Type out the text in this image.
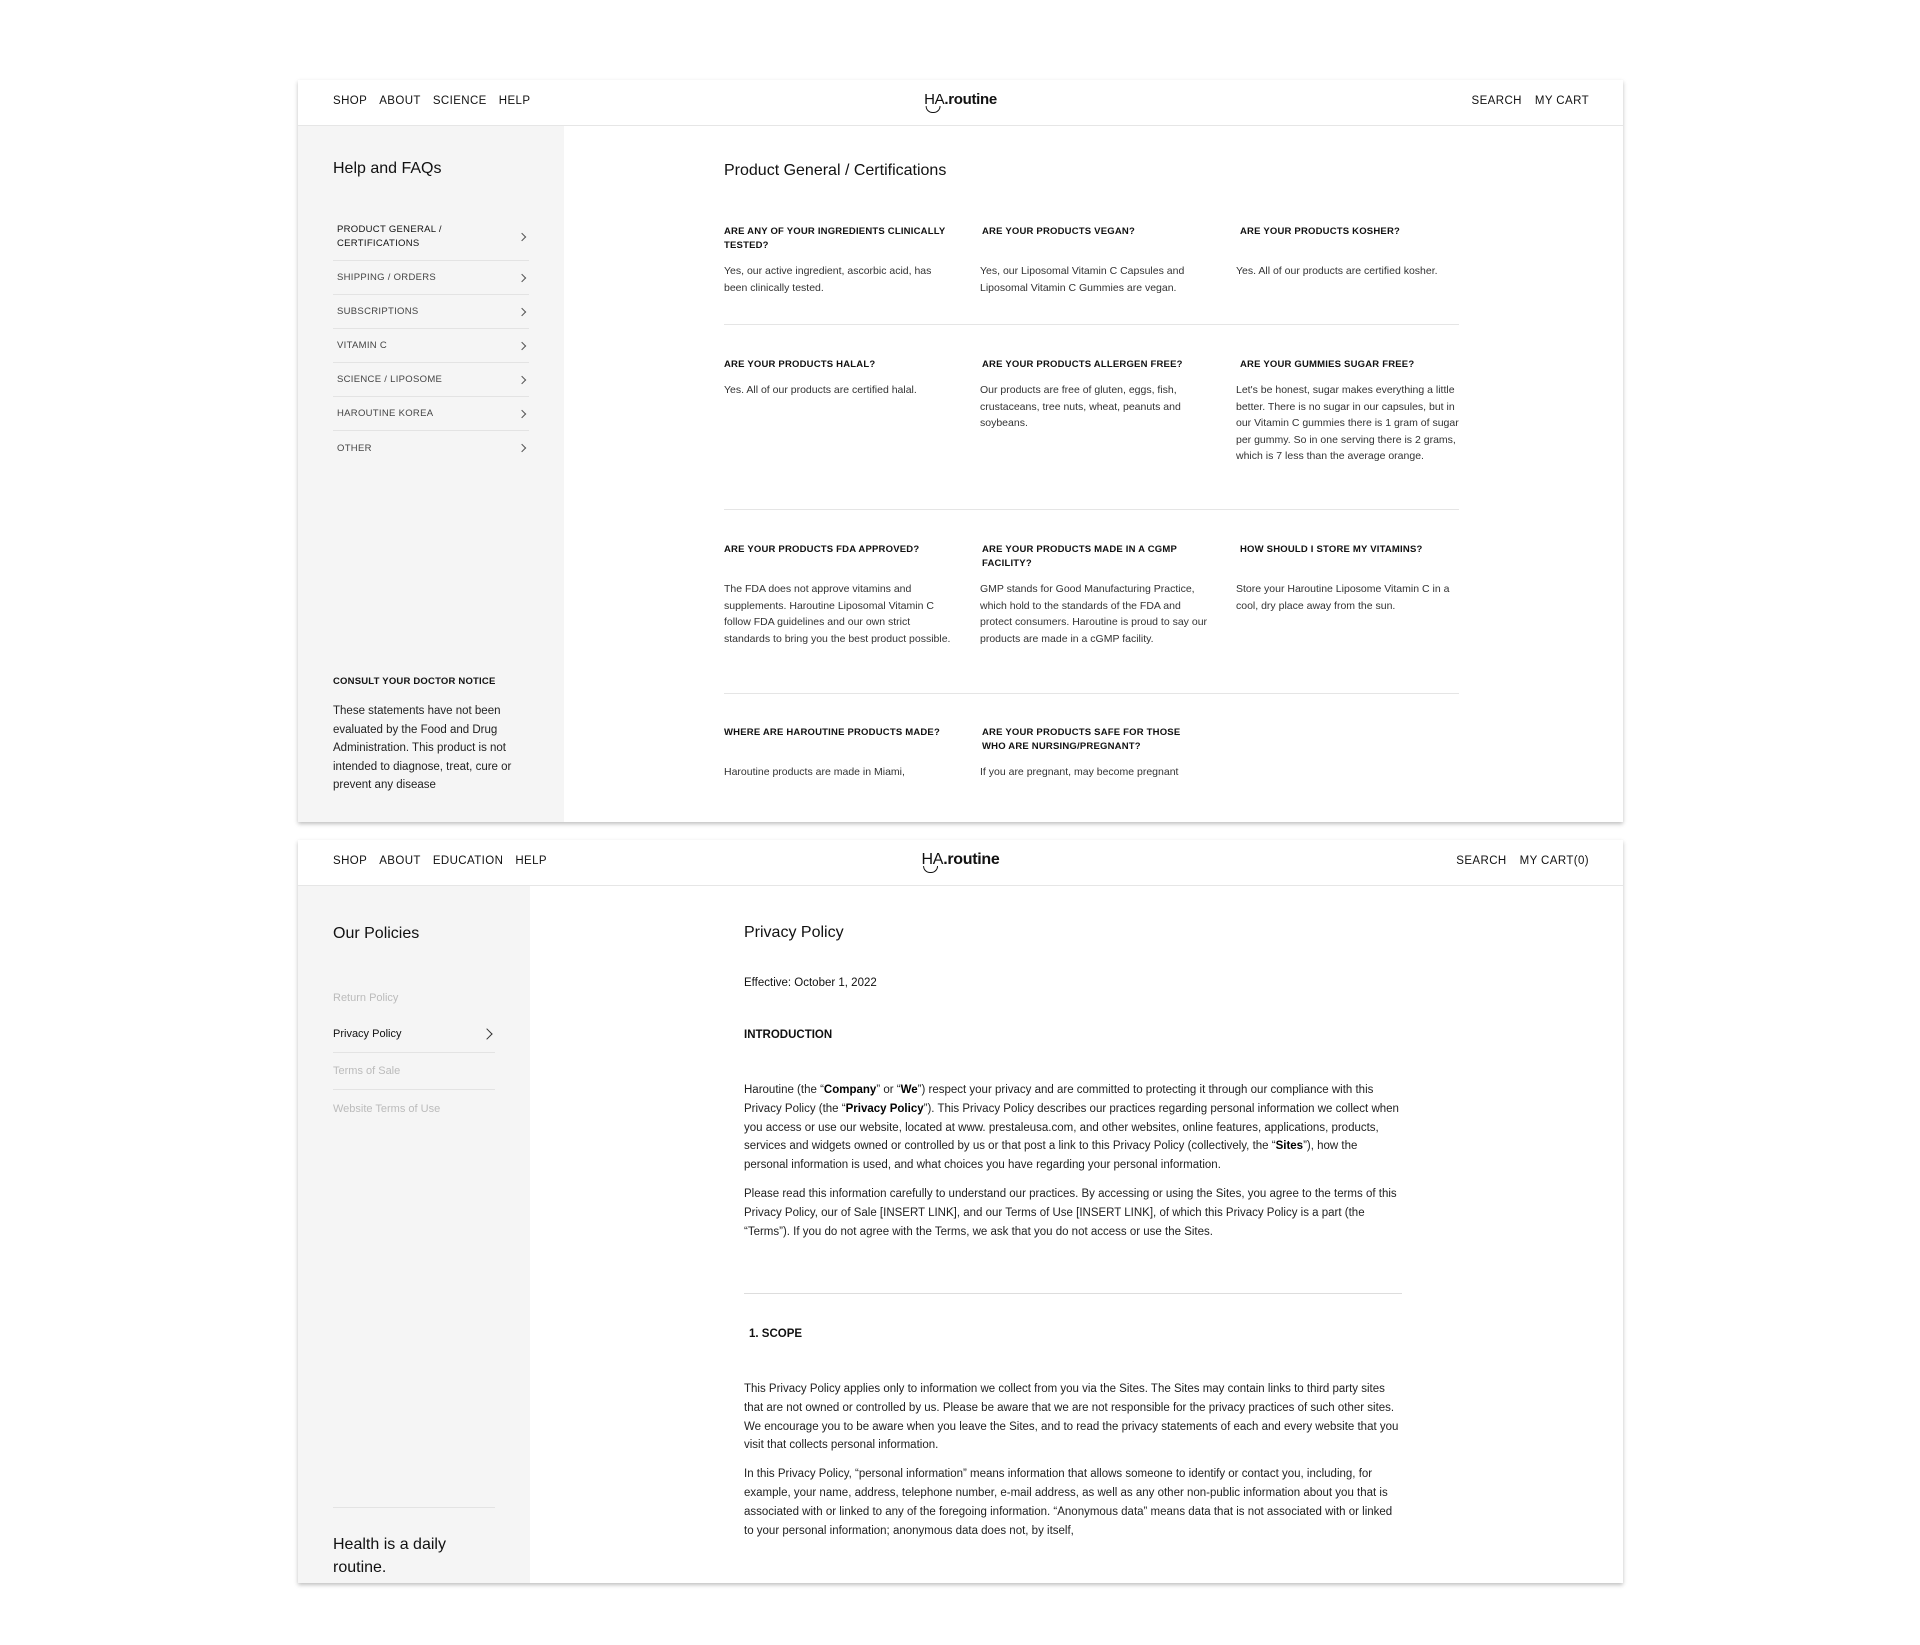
SHOP ABOUT SCIENCE HELP	HA .routine	SEARCH MY CART
Help and FAQs
PRODUCT GENERAL / CERTIFICATIONS
SHIPPING / ORDERS
SUBSCRIPTIONS
VITAMIN C
SCIENCE / LIPOSOME
HAROUTINE KOREA
OTHER
CONSULT YOUR DOCTOR NOTICE
These statements have not been evaluated by the Food and Drug Administration. This product is not intended to diagnose, treat, cure or prevent any disease
Product General / Certifications
ARE ANY OF YOUR INGREDIENTS CLINICALLY TESTED?
Yes, our active ingredient, ascorbic acid, has been clinically tested.
ARE YOUR PRODUCTS VEGAN?
Yes, our Liposomal Vitamin C Capsules and Liposomal Vitamin C Gummies are vegan.
ARE YOUR PRODUCTS KOSHER?
Yes. All of our products are certified kosher.
ARE YOUR PRODUCTS HALAL?
Yes. All of our products are certified halal.
ARE YOUR PRODUCTS ALLERGEN FREE?
Our products are free of gluten, eggs, fish, crustaceans, tree nuts, wheat, peanuts and soybeans.
ARE YOUR GUMMIES SUGAR FREE?
Let's be honest, sugar makes everything a little better. There is no sugar in our capsules, but in our Vitamin C gummies there is 1 gram of sugar per gummy. So in one serving there is 2 grams, which is 7 less than the average orange.
ARE YOUR PRODUCTS FDA APPROVED?
The FDA does not approve vitamins and supplements. Haroutine Liposomal Vitamin C follow FDA guidelines and our own strict standards to bring you the best product possible.
ARE YOUR PRODUCTS MADE IN A CGMP FACILITY?
GMP stands for Good Manufacturing Practice, which hold to the standards of the FDA and protect consumers. Haroutine is proud to say our products are made in a cGMP facility.
HOW SHOULD I STORE MY VITAMINS?
Store your Haroutine Liposome Vitamin C in a cool, dry place away from the sun.
WHERE ARE HAROUTINE PRODUCTS MADE?
Haroutine products are made in Miami,
ARE YOUR PRODUCTS SAFE FOR THOSE WHO ARE NURSING/PREGNANT?
If you are pregnant, may become pregnant
SHOP ABOUT EDUCATION HELP	HA .routine	SEARCH MY CART(0)
Our Policies
Return Policy
Privacy Policy
Terms of Sale
Website Terms of Use
Health is a daily routine.
Privacy Policy
Effective: October 1, 2022
INTRODUCTION

Haroutine (the “Company” or “We”) respect your privacy and are committed to protecting it through our compliance with this Privacy Policy (the “Privacy Policy”). This Privacy Policy describes our practices regarding personal information we collect when you access or use our website, located at www. prestaleusa.com, and other websites, online features, applications, products, services and widgets owned or controlled by us or that post a link to this Privacy Policy (collectively, the “Sites”), how the personal information is used, and what choices you have regarding your personal information.

Please read this information carefully to understand our practices. By accessing or using the Sites, you agree to the terms of this Privacy Policy, our of Sale [INSERT LINK], and our Terms of Use [INSERT LINK], of which this Privacy Policy is a part (the “Terms”). If you do not agree with the Terms, we ask that you do not access or use the Sites.

1. SCOPE

This Privacy Policy applies only to information we collect from you via the Sites. The Sites may contain links to third party sites that are not owned or controlled by us. Please be aware that we are not responsible for the privacy practices of such other sites. We encourage you to be aware when you leave the Sites, and to read the privacy statements of each and every website that you visit that collects personal information.

In this Privacy Policy, “personal information” means information that allows someone to identify or contact you, including, for example, your name, address, telephone number, e-mail address, as well as any other non-public information about you that is associated with or linked to any of the foregoing information. “Anonymous data” means data that is not associated with or linked to your personal information; anonymous data does not, by itself,
